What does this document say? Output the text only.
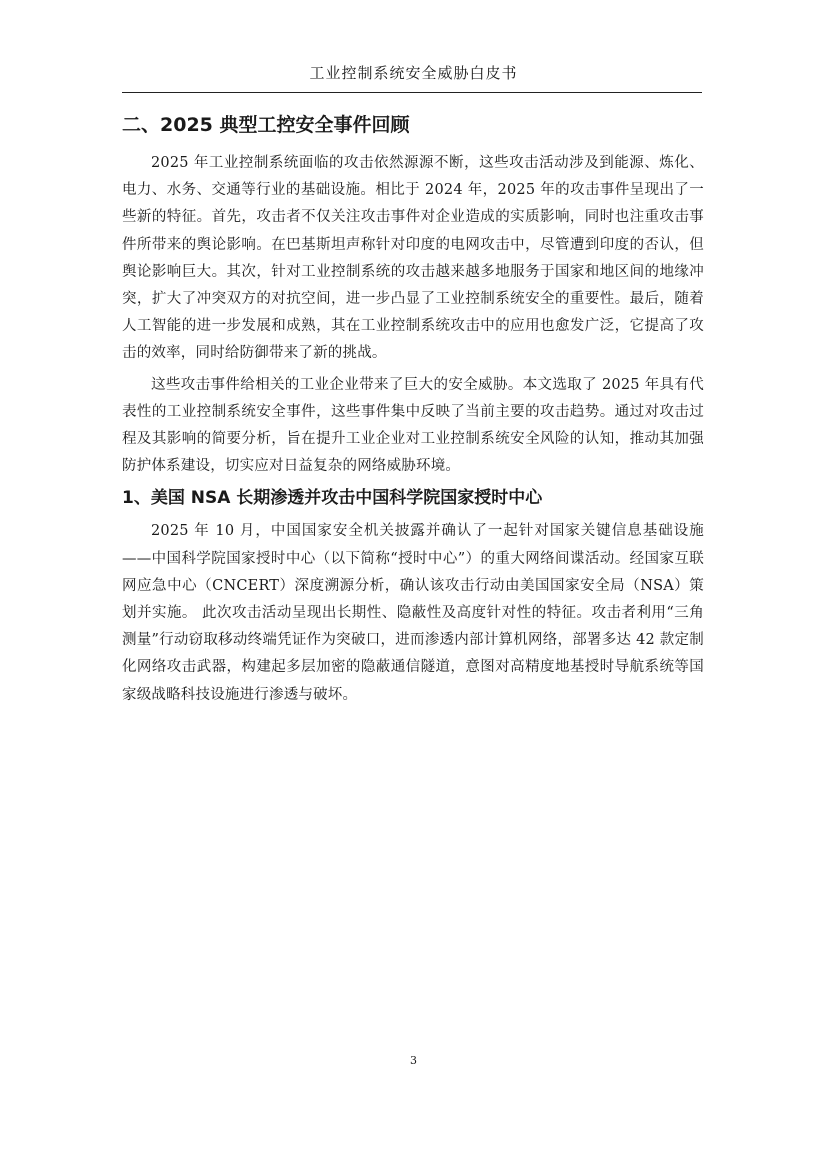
工业控制系统安全威胁白皮书
二、2025 典型工控安全事件回顾

2025 年工业控制系统面临的攻击依然源源不断，这些攻击活动涉及到能源、炼化、电力、水务、交通等行业的基础设施。相比于 2024 年，2025 年的攻击事件呈现出了一些新的特征。首先，攻击者不仅关注攻击事件对企业造成的实质影响，同时也注重攻击事件所带来的舆论影响。在巴基斯坦声称针对印度的电网攻击中，尽管遭到印度的否认，但舆论影响巨大。其次，针对工业控制系统的攻击越来越多地服务于国家和地区间的地缘冲突，扩大了冲突双方的对抗空间，进一步凸显了工业控制系统安全的重要性。最后，随着人工智能的进一步发展和成熟，其在工业控制系统攻击中的应用也愈发广泛，它提高了攻击的效率，同时给防御带来了新的挑战。

这些攻击事件给相关的工业企业带来了巨大的安全威胁。本文选取了 2025 年具有代表性的工业控制系统安全事件，这些事件集中反映了当前主要的攻击趋势。通过对攻击过程及其影响的简要分析，旨在提升工业企业对工业控制系统安全风险的认知，推动其加强防护体系建设，切实应对日益复杂的网络威胁环境。

1、美国 NSA 长期渗透并攻击中国科学院国家授时中心

2025 年 10 月，中国国家安全机关披露并确认了一起针对国家关键信息基础设施——中国科学院国家授时中心（以下简称“授时中心”）的重大网络间谍活动。经国家互联网应急中心（CNCERT）深度溯源分析，确认该攻击行动由美国国家安全局（NSA）策划并实施。 此次攻击活动呈现出长期性、隐蔽性及高度针对性的特征。攻击者利用“三角测量”行动窃取移动终端凭证作为突破口，进而渗透内部计算机网络，部署多达 42 款定制化网络攻击武器，构建起多层加密的隐蔽通信隧道，意图对高精度地基授时导航系统等国家级战略科技设施进行渗透与破坏。

3
